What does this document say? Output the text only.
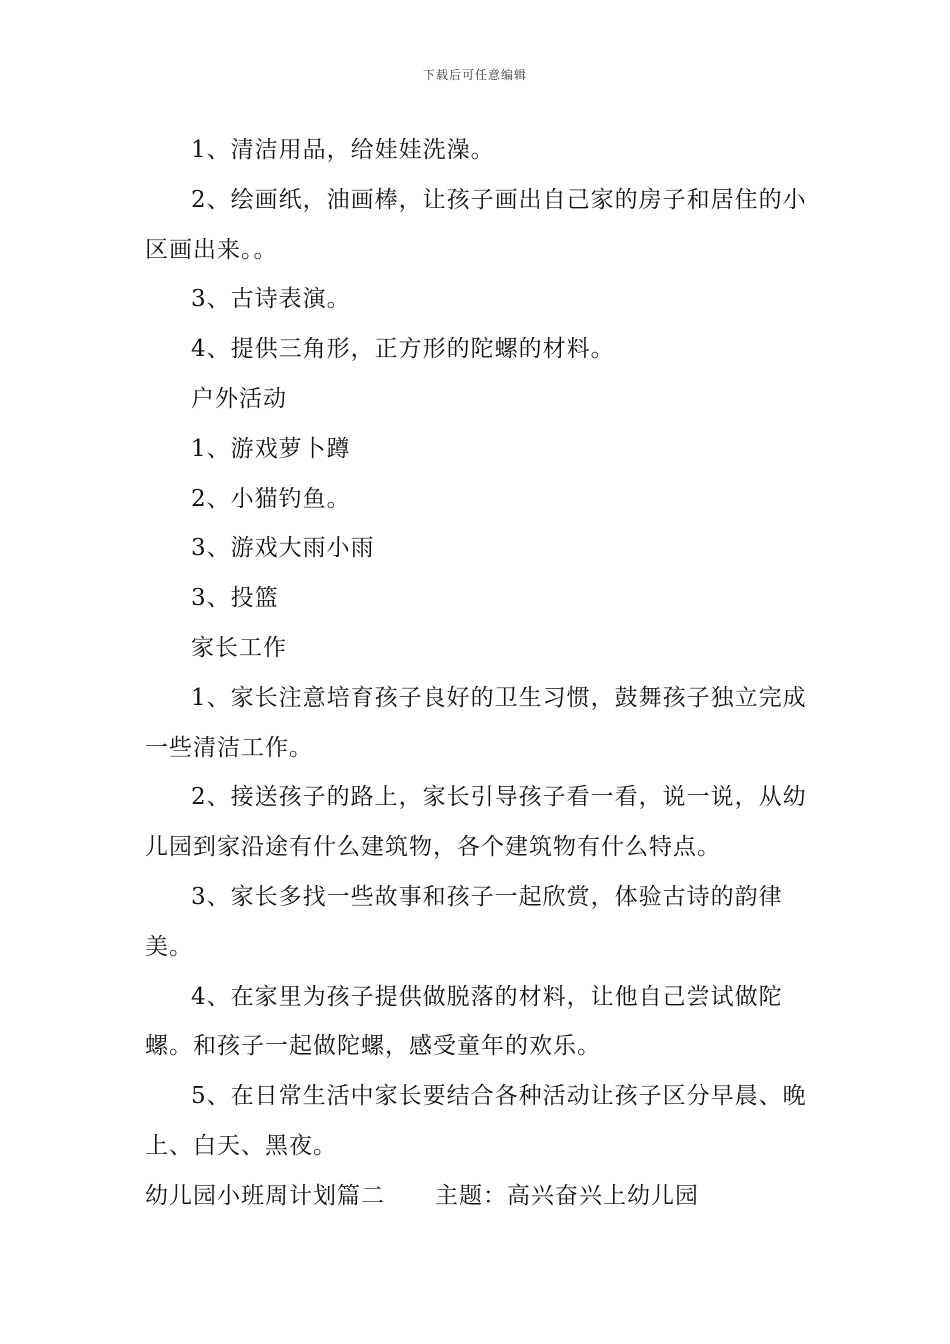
下载后可任意编辑

1、清洁用品，给娃娃洗澡。

2、绘画纸，油画棒，让孩子画出自己家的房子和居住的小区画出来。。

3、古诗表演。

4、提供三角形，正方形的陀螺的材料。

户外活动

1、游戏萝卜蹲

2、小猫钓鱼。

3、游戏大雨小雨

3、投篮

家长工作

1、家长注意培育孩子良好的卫生习惯，鼓舞孩子独立完成一些清洁工作。

2、接送孩子的路上，家长引导孩子看一看，说一说，从幼儿园到家沿途有什么建筑物，各个建筑物有什么特点。

3、家长多找一些故事和孩子一起欣赏，体验古诗的韵律美。

4、在家里为孩子提供做脱落的材料，让他自己尝试做陀螺。和孩子一起做陀螺，感受童年的欢乐。

5、在日常生活中家长要结合各种活动让孩子区分早晨、晚上、白天、黑夜。

幼儿园小班周计划篇二 主题：高兴奋兴上幼儿园
